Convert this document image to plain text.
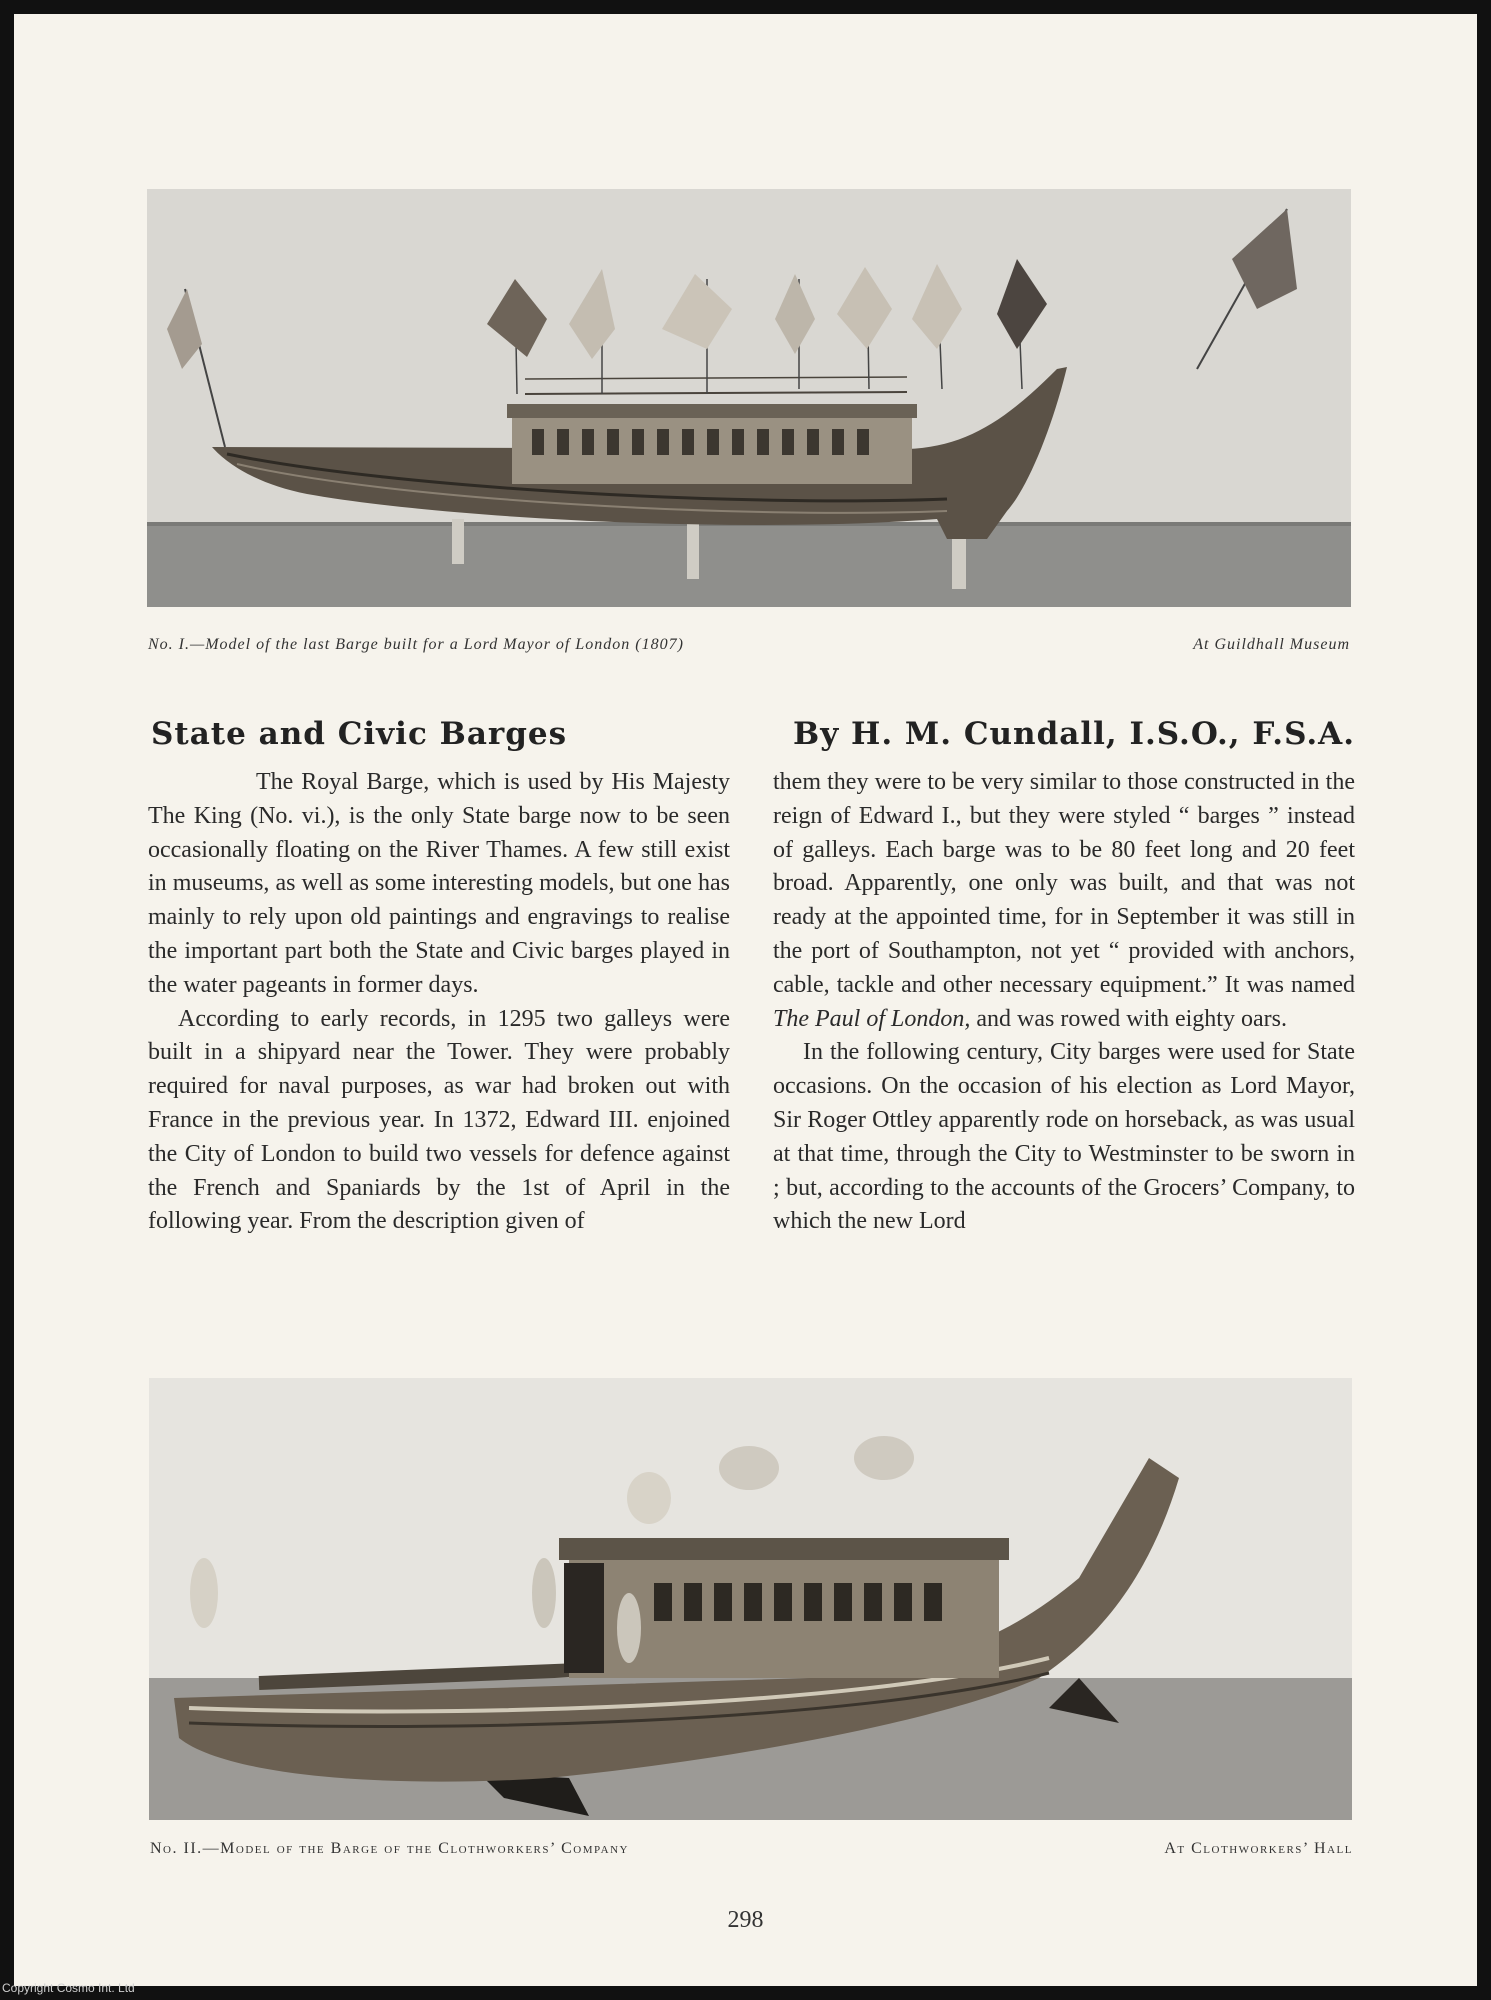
No. I.—Model of the last Barge built for a Lord Mayor of London (1807)	At Guildhall Museum
State and Civic Barges	By H. M. Cundall, I.S.O., F.S.A.

The Royal Barge, which is used by His Majesty The King (No. vi.), is the only State barge now to be seen occasionally floating on the River Thames. A few still exist in museums, as well as some interesting models, but one has mainly to rely upon old paintings and engravings to realise the important part both the State and Civic barges played in the water pageants in former days.

According to early records, in 1295 two galleys were built in a shipyard near the Tower. They were probably required for naval purposes, as war had broken out with France in the previous year. In 1372, Edward III. enjoined the City of London to build two vessels for defence against the French and Spaniards by the 1st of April in the following year. From the description given of

them they were to be very similar to those constructed in the reign of Edward I., but they were styled “ barges ” instead of galleys. Each barge was to be 80 feet long and 20 feet broad. Apparently, one only was built, and that was not ready at the appointed time, for in September it was still in the port of Southampton, not yet “ provided with anchors, cable, tackle and other necessary equipment.” It was named The Paul of London, and was rowed with eighty oars.

In the following century, City barges were used for State occasions. On the occasion of his election as Lord Mayor, Sir Roger Ottley apparently rode on horseback, as was usual at that time, through the City to Westminster to be sworn in ; but, according to the accounts of the Grocers’ Company, to which the new Lord

No. II.—Model of the Barge of the Clothworkers’ Company	At Clothworkers’ Hall
298
Copyright Cosmo Int. Ltd
